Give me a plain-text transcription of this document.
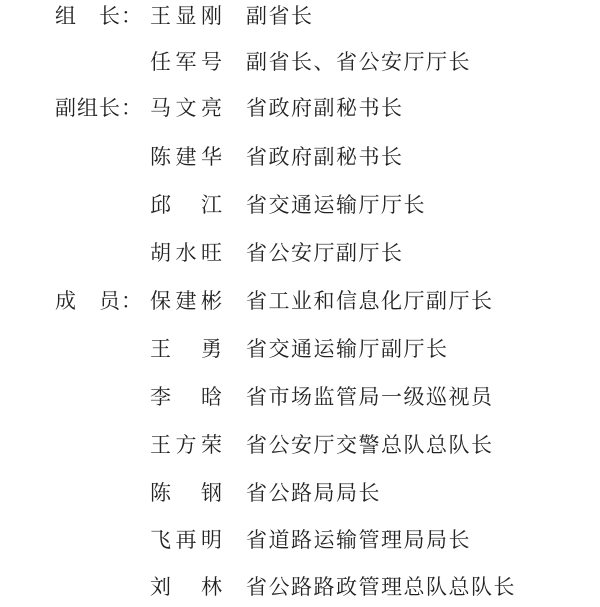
组　长： 王显刚 副省长
任军号 副省长、省公安厅厅长
副组长： 马文亮 省政府副秘书长
陈建华 省政府副秘书长
邱江 省交通运输厅厅长
胡水旺 省公安厅副厅长
成　员： 保建彬 省工业和信息化厅副厅长
王勇 省交通运输厅副厅长
李晗 省市场监管局一级巡视员
王方荣 省公安厅交警总队总队长
陈钢 省公路局局长
飞再明 省道路运输管理局局长
刘林 省公路路政管理总队总队长
